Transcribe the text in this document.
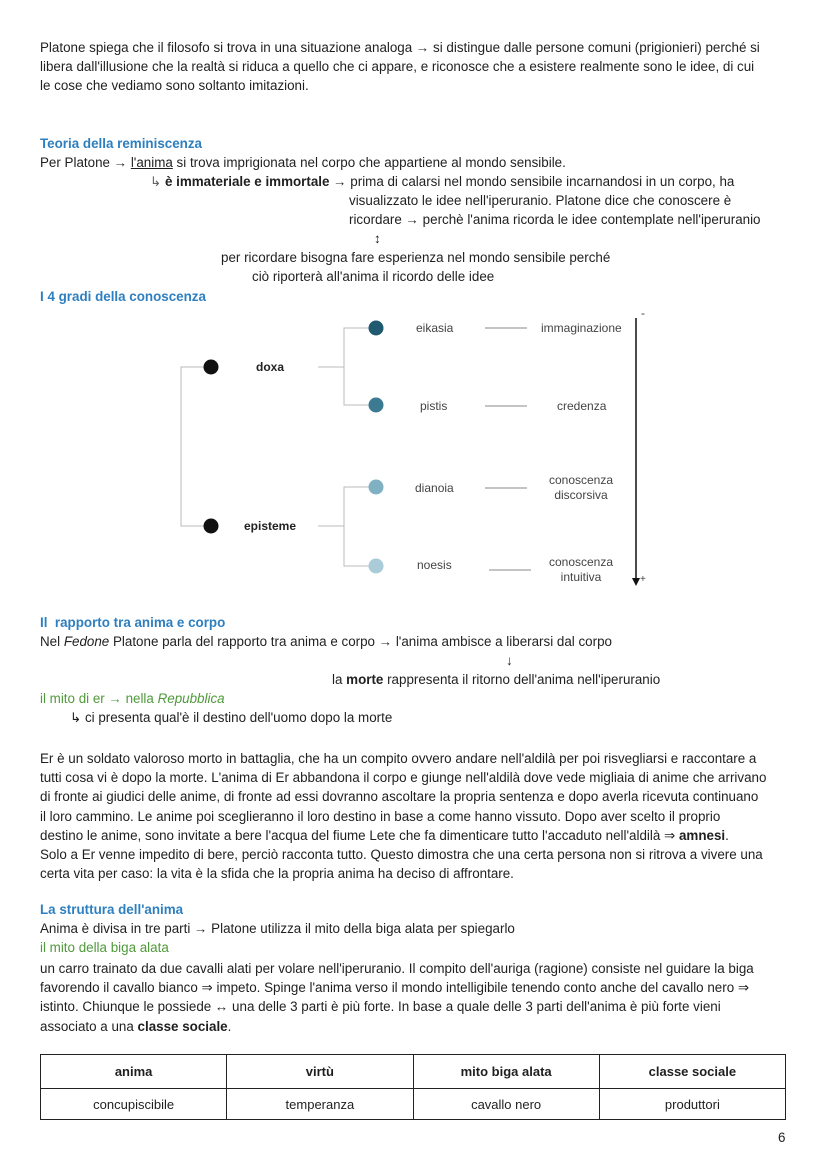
Platone spiega che il filosofo si trova in una situazione analoga → si distingue dalle persone comuni (prigionieri) perché si
libera dall'illusione che la realtà si riduca a quello che ci appare, e riconosce che a esistere realmente sono le idee, di cui
le cose che vediamo sono soltanto imitazioni.
Teoria della reminiscenza
Per Platone → l'anima si trova imprigionata nel corpo che appartiene al mondo sensibile.
↳ è immateriale e immortale → prima di calarsi nel mondo sensibile incarnandosi in un corpo, ha
visualizzato le idee nell'iperuranio. Platone dice che conoscere è
ricordare → perchè l'anima ricorda le idee contemplate nell'iperuranio
↕
per ricordare bisogna fare esperienza nel mondo sensibile perché
ciò riporterà all'anima il ricordo delle idee
I 4 gradi della conoscenza
doxa
episteme
eikasia
pistis
dianoia
noesis
immaginazione
credenza
conoscenza
discorsiva
conoscenza
intuitiva
-
+
Il  rapporto tra anima e corpo
Nel Fedone Platone parla del rapporto tra anima e corpo → l'anima ambisce a liberarsi dal corpo
↓
la morte rappresenta il ritorno dell'anima nell'iperuranio
il mito di er → nella Repubblica
↳ ci presenta qual'è il destino dell'uomo dopo la morte
Er è un soldato valoroso morto in battaglia, che ha un compito ovvero andare nell'aldilà per poi risvegliarsi e raccontare a
tutti cosa vi è dopo la morte. L'anima di Er abbandona il corpo e giunge nell'aldilà dove vede migliaia di anime che arrivano
di fronte ai giudici delle anime, di fronte ad essi dovranno ascoltare la propria sentenza e dopo averla ricevuta continuano
il loro cammino. Le anime poi sceglieranno il loro destino in base a come hanno vissuto. Dopo aver scelto il proprio
destino le anime, sono invitate a bere l'acqua del fiume Lete che fa dimenticare tutto l'accaduto nell'aldilà ⇒ amnesi.
Solo a Er venne impedito di bere, perciò racconta tutto. Questo dimostra che una certa persona non si ritrova a vivere una
certa vita per caso: la vita è la sfida che la propria anima ha deciso di affrontare.
La struttura dell'anima
Anima è divisa in tre parti → Platone utilizza il mito della biga alata per spiegarlo
il mito della biga alata
un carro trainato da due cavalli alati per volare nell'iperuranio. Il compito dell'auriga (ragione) consiste nel guidare la biga
favorendo il cavallo bianco ⇒ impeto. Spinge l'anima verso il mondo intelligibile tenendo conto anche del cavallo nero ⇒
istinto. Chiunque le possiede ↔ una delle 3 parti è più forte. In base a quale delle 3 parti dell'anima è più forte vieni
associato a una classe sociale.
anima	virtù	mito biga alata	classe sociale
concupiscibile	temperanza	cavallo nero	produttori
6
